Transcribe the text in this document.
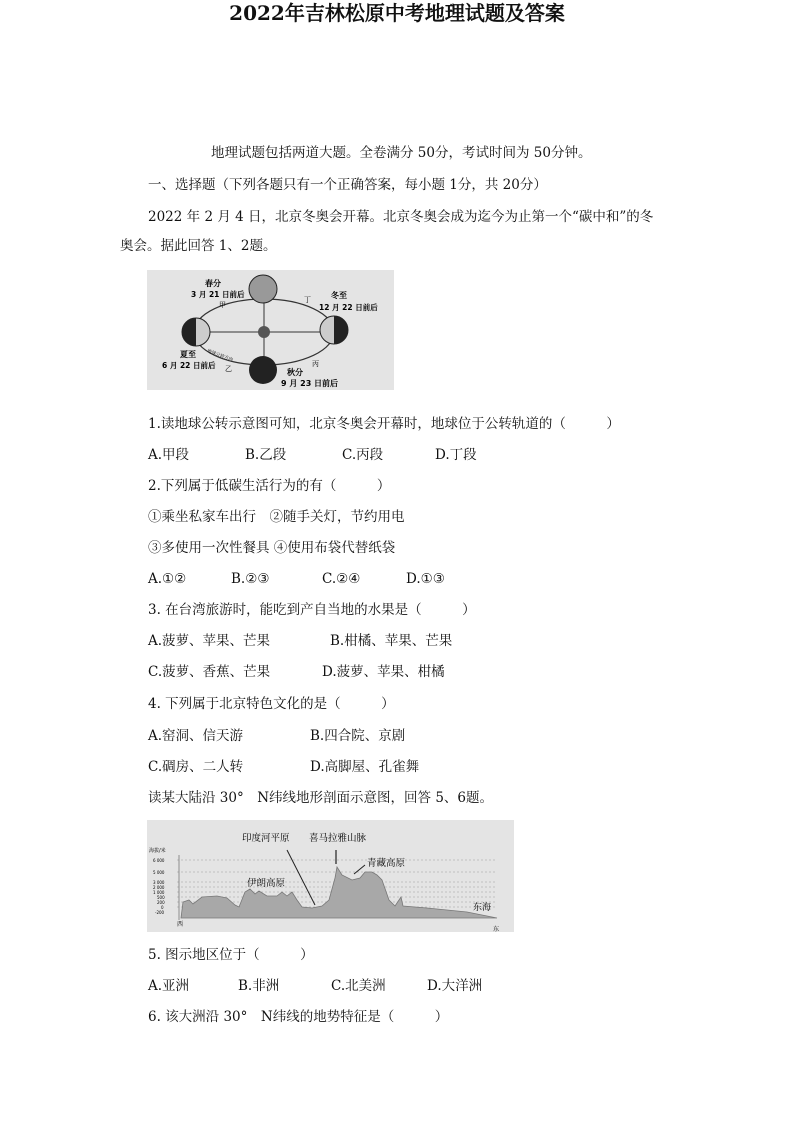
2022年吉林松原中考地理试题及答案
地理试题包括两道大题。全卷满分 50分，考试时间为 50分钟。
一、选择题（下列各题只有一个正确答案，每小题 1分，共 20分）
2022 年 2 月 4 日，北京冬奥会开幕。北京冬奥会成为迄今为止第一个“碳中和”的冬
奥会。据此回答 1、2题。
春分
3 月 21 日前后
甲
冬至
12 月 22 日前后
丁
夏至
6 月 22 日前后 乙
地球公转方向
丙
秋分
9 月 23 日前后
1.读地球公转示意图可知，北京冬奥会开幕时，地球位于公转轨道的（　　　）
A.甲段	B.乙段	C.丙段	D.丁段
2.下列属于低碳生活行为的有（　　　）
①乘坐私家车出行　②随手关灯，节约用电
③多使用一次性餐具 ④使用布袋代替纸袋
A.①②	B.②③	C.②④	D.①③
3. 在台湾旅游时，能吃到产自当地的水果是（　　　）
A.菠萝、苹果、芒果	B.柑橘、苹果、芒果
C.菠萝、香蕉、芒果	D.菠萝、苹果、柑橘
4. 下列属于北京特色文化的是（　　　）
A.窑洞、信天游	B.四合院、京剧
C.碉房、二人转	D.高脚屋、孔雀舞
读某大陆沿 30°　N纬线地形剖面示意图，回答 5、6题。
海拔/米
6 000
5 000
3 000
2 000
1 000
500
200
0
-200
印度河平原 喜马拉雅山脉
青藏高原
伊朗高原
东海
西
东
5. 图示地区位于（　　　）
A.亚洲	B.非洲	C.北美洲	D.大洋洲
6. 该大洲沿 30°　N纬线的地势特征是（　　　）
